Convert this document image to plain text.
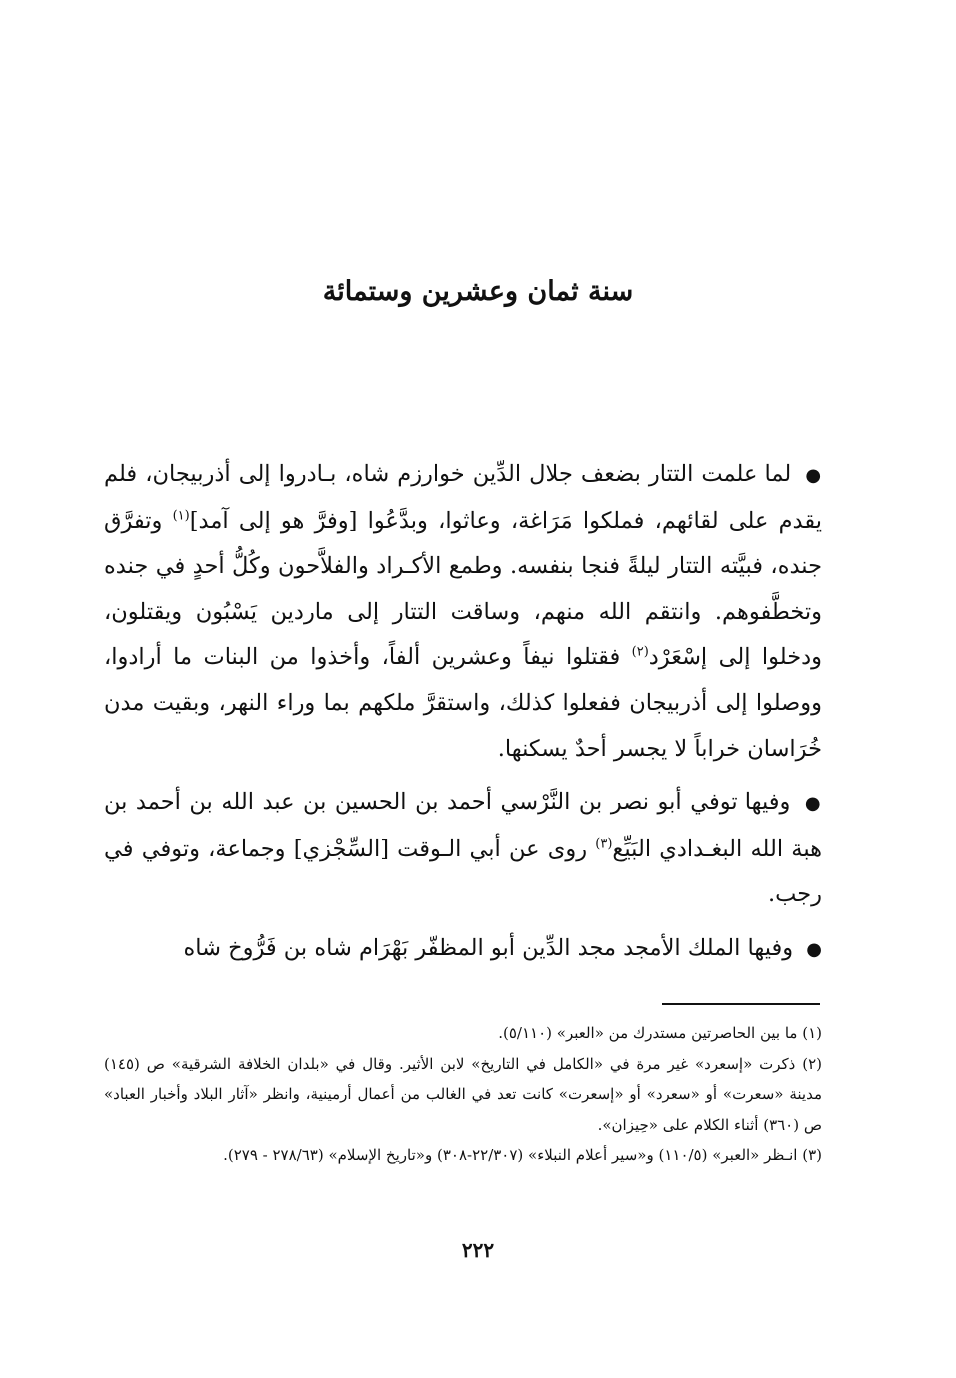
سنة ثمان وعشرين وستمائة

● لما علمت التتار بضعف جلال الدِّين خوارزم شاه، بـادروا إلى أذربيجان، فلم يقدم على لقائهم، فملكوا مَرَاغة، وعاثوا، وبدَّعُوا [وفرَّ هو إلى آمد]$^{(١)}$ وتفرَّق جنده، فبيَّته التتار ليلةً فنجا بنفسه. وطمع الأكـراد والفلاَّحون وكُلُّ أحدٍ في جنده وتخطَّفوهم. وانتقم الله منهم، وساقت التتار إلى ماردين يَسْبُون ويقتلون، ودخلوا إلى إسْعَرْد$^{(٢)}$ فقتلوا نيفاً وعشرين ألفاً، وأخذوا من البنات ما أرادوا، ووصلوا إلى أذربيجان ففعلوا كذلك، واستقرَّ ملكهم بما وراء النهر، وبقيت مدن خُرَاسان خراباً لا يجسر أحدٌ يسكنها.

● وفيها توفي أبو نصر بن النَّرْسي أحمد بن الحسين بن عبد الله بن أحمد بن هبة الله البغـدادي البَيِّع$^{(٣)}$ روى عن أبي الـوقت [السِّجْزي] وجماعة، وتوفي في رجب.

● وفيها الملك الأمجد مجد الدِّين أبو المظفّر بَهْرَام شاه بن فَرُّوخ شاه

(١) ما بين الحاصرتين مستدرك من «العبر» (٥/١١٠).

(٢) ذكرت «إسعرد» غير مرة في «الكامل في التاريخ» لابن الأثير. وقال في «بلدان الخلافة الشرقية» ص (١٤٥) مدينة «سعرت» أو «سعرد» أو «إسعرت» كانت تعد في الغالب من أعمال أرمينية، وانظر «آثار البلاد وأخبار العباد» ص (٣٦٠) أثناء الكلام على «حِيزان».

(٣) انـظر «العبر» (١١٠/٥) و«سير أعلام النبلاء» (٢٢/٣٠٧-٣٠٨) و«تاريخ الإسلام» (٢٧٨/٦٣ - ٢٧٩).

٢٢٢
